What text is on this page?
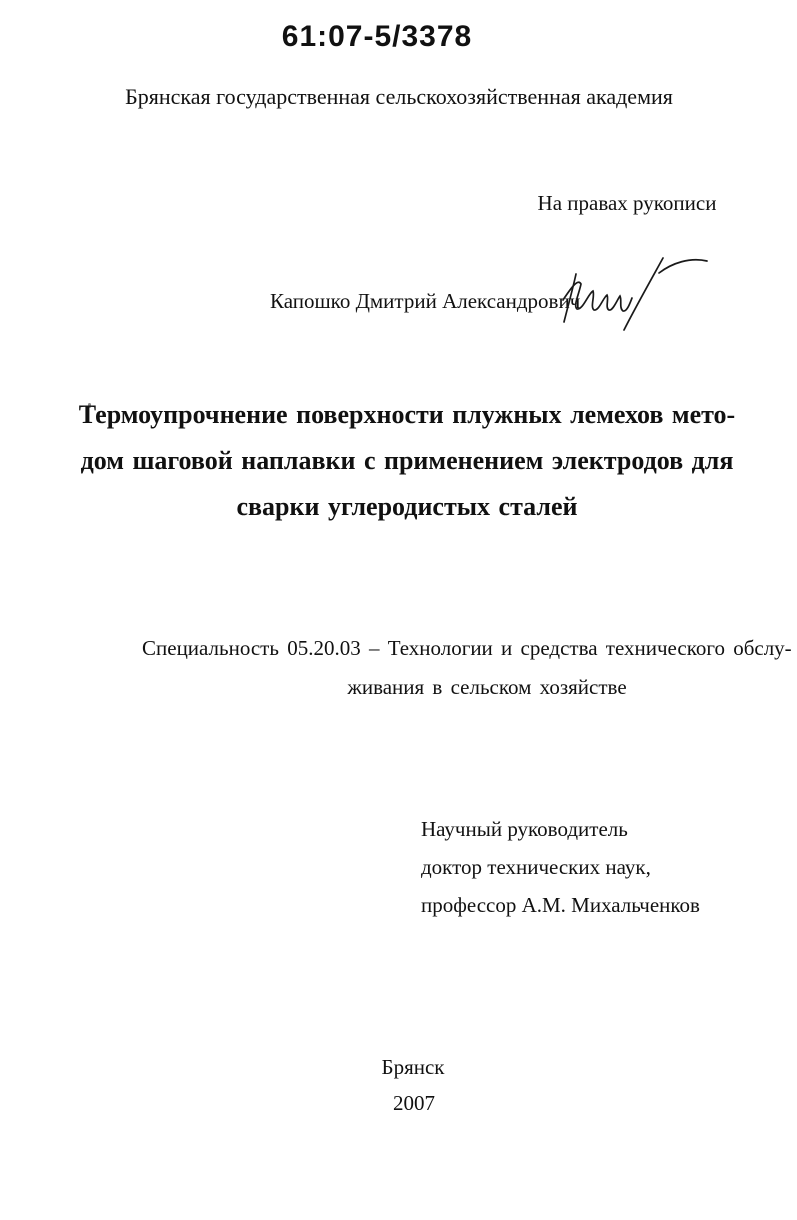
61:07-5/3378
Брянская государственная сельскохозяйственная академия
На правах рукописи
Капошко Дмитрий Александрович
Термоупрочнение поверхности плужных лемехов мето-
дом шаговой наплавки с применением электродов для
сварки углеродистых сталей
Специальность 05.20.03 – Технологии и средства технического обслу-
живания в сельском хозяйстве
Научный руководитель
доктор технических наук,
профессор А.М. Михальченков
Брянск
2007
